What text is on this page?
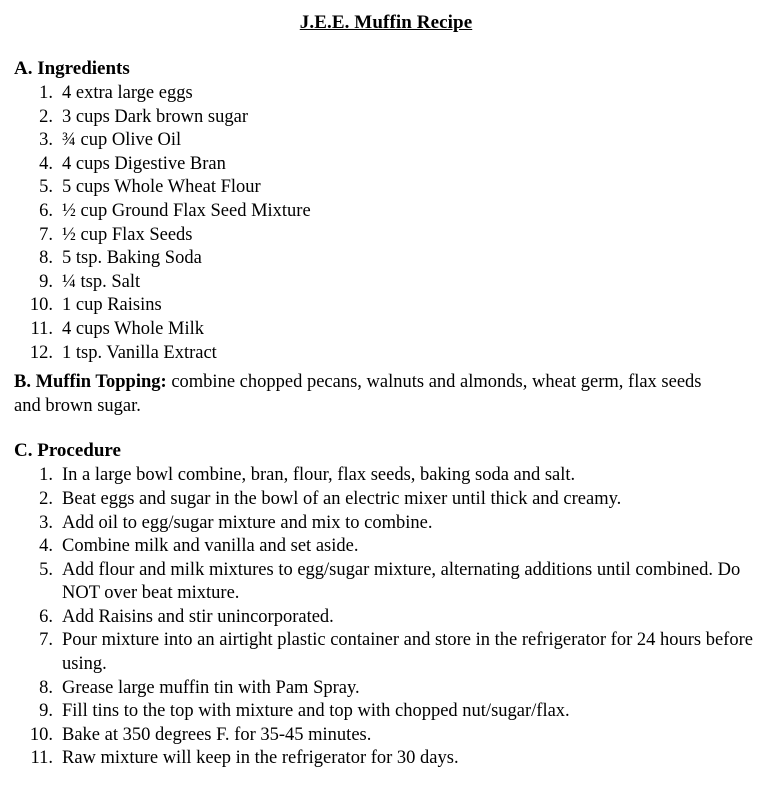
J.E.E. Muffin Recipe
A. Ingredients
1. 4 extra large eggs
2. 3 cups Dark brown sugar
3. ¾ cup Olive Oil
4. 4 cups Digestive Bran
5. 5 cups Whole Wheat Flour
6. ½ cup Ground Flax Seed Mixture
7. ½ cup Flax Seeds
8. 5 tsp. Baking Soda
9. ¼ tsp. Salt
10. 1 cup Raisins
11. 4 cups Whole Milk
12. 1 tsp. Vanilla Extract

B. Muffin Topping: combine chopped pecans, walnuts and almonds, wheat germ, flax seeds and brown sugar.

C. Procedure
1. In a large bowl combine, bran, flour, flax seeds, baking soda and salt.
2. Beat eggs and sugar in the bowl of an electric mixer until thick and creamy.
3. Add oil to egg/sugar mixture and mix to combine.
4. Combine milk and vanilla and set aside.
5. Add flour and milk mixtures to egg/sugar mixture, alternating additions until combined. Do NOT over beat mixture.
6. Add Raisins and stir unincorporated.
7. Pour mixture into an airtight plastic container and store in the refrigerator for 24 hours before using.
8. Grease large muffin tin with Pam Spray.
9. Fill tins to the top with mixture and top with chopped nut/sugar/flax.
10. Bake at 350 degrees F. for 35-45 minutes.
11. Raw mixture will keep in the refrigerator for 30 days.
